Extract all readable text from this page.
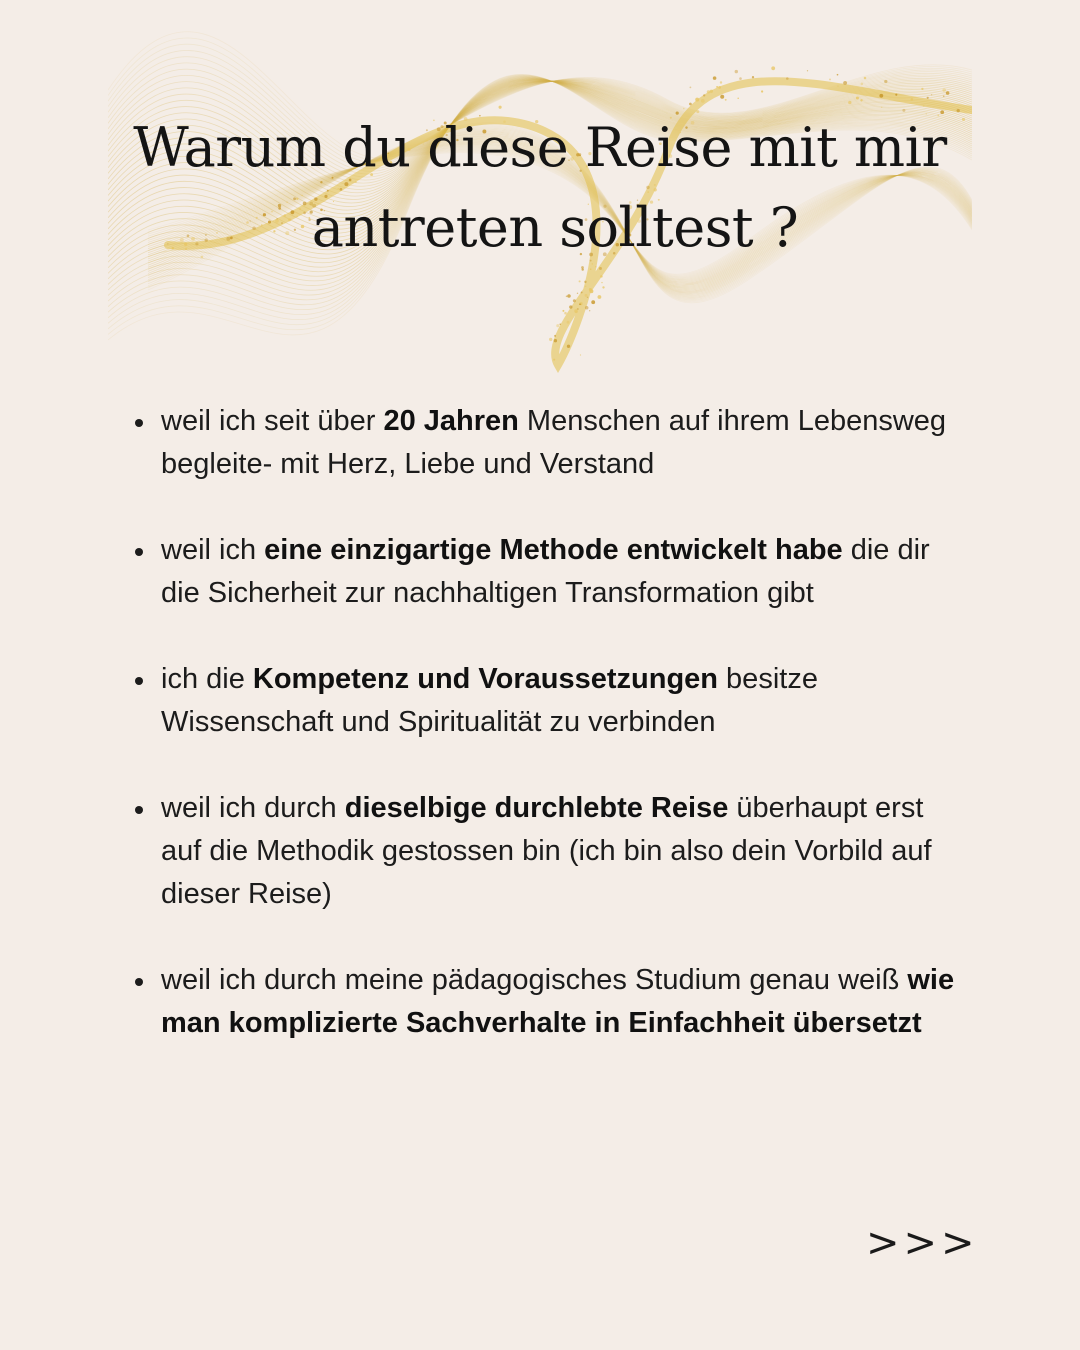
Warum du diese Reise mit mir
antreten solltest ?
weil ich seit über 20 Jahren Menschen auf ihrem Lebensweg begleite- mit Herz, Liebe und Verstand
weil ich eine einzigartige Methode entwickelt habe die dir die Sicherheit zur nachhaltigen Transformation gibt
ich die Kompetenz und Voraussetzungen besitze Wissenschaft und Spiritualität zu verbinden
weil ich durch dieselbige durchlebte Reise überhaupt erst auf die Methodik gestossen bin (ich bin also dein Vorbild auf dieser Reise)
weil ich durch meine pädagogisches Studium genau weiß wie man komplizierte Sachverhalte in Einfachheit übersetzt
>>>
